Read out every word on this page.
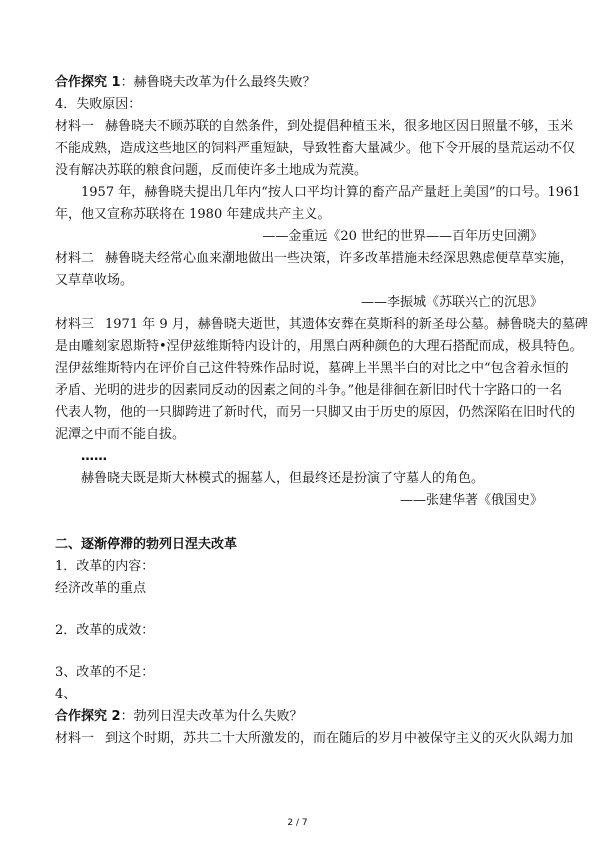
合作探究 1：赫鲁晓夫改革为什么最终失败？
4．失败原因：
材料一 赫鲁晓夫不顾苏联的自然条件，到处提倡种植玉米，很多地区因日照量不够，玉米
不能成熟，造成这些地区的饲料严重短缺，导致牲畜大量减少。他下令开展的垦荒运动不仅
没有解决苏联的粮食问题，反而使许多土地成为荒漠。
1957 年，赫鲁晓夫提出几年内“按人口平均计算的畜产品产量赶上美国”的口号。1961
年，他又宣称苏联将在 1980 年建成共产主义。
——金重远《20 世纪的世界——百年历史回溯》
材料二 赫鲁晓夫经常心血来潮地做出一些决策，许多改革措施未经深思熟虑便草草实施，
又草草收场。
——李振城《苏联兴亡的沉思》
材料三 1971 年 9 月，赫鲁晓夫逝世，其遗体安葬在莫斯科的新圣母公墓。赫鲁晓夫的墓碑
是由雕刻家恩斯特•涅伊兹维斯特内设计的，用黑白两种颜色的大理石搭配而成，极具特色。
涅伊兹维斯特内在评价自己这件特殊作品时说，墓碑上半黑半白的对比之中“包含着永恒的
矛盾、光明的进步的因素同反动的因素之间的斗争。”他是徘徊在新旧时代十字路口的一名
代表人物，他的一只脚跨进了新时代，而另一只脚又由于历史的原因，仍然深陷在旧时代的
泥潭之中而不能自拔。
……
赫鲁晓夫既是斯大林模式的掘墓人，但最终还是扮演了守墓人的角色。
——张建华著《俄国史》
二、逐渐停滞的勃列日涅夫改革
1．改革的内容：
经济改革的重点
2．改革的成效：
3、改革的不足：
4、
合作探究 2：勃列日涅夫改革为什么失败？
材料一 到这个时期，苏共二十大所激发的，而在随后的岁月中被保守主义的灭火队竭力加
2 / 7
